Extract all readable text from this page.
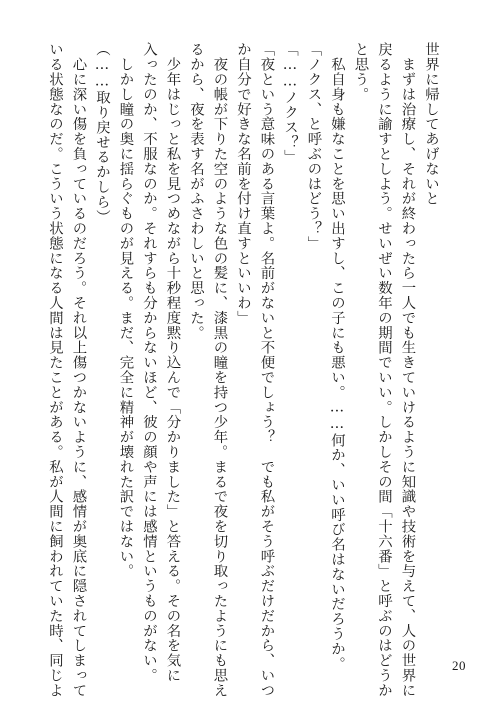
世界に帰してあげないと

　まずは治療し、それが終わったら一人でも生きていけるように知識や技術を与えて、人の世界に

戻るように諭すとしよう。せいぜい数年の期間でいい。しかしその間「十六番」と呼ぶのはどうか

と思う。

　私自身も嫌なことを思い出すし、この子にも悪い。……何か、いい呼び名はないだろうか。

「ノクス、と呼ぶのはどう？」

「……ノクス？」

「夜という意味のある言葉よ。名前がないと不便でしょう？　でも私がそう呼ぶだけだから、いつ

か自分で好きな名前を付け直すといいわ」

　夜の帳が下りた空のような色の髪に、漆黒の瞳を持つ少年。まるで夜を切り取ったようにも思え

るから、夜を表す名がふさわしいと思った。

　少年はじっと私を見つめながら十秒程度黙り込んで「分かりました」と答える。その名を気に

入ったのか、不服なのか。それすらも分からないほど、彼の顔や声には感情というものがない。

　しかし瞳の奥に揺らぐものが見える。まだ、完全に精神が壊れた訳ではない。

（……取り戻せるかしら）

　心に深い傷を負っているのだろう。それ以上傷つかないように、感情が奥底に隠されてしまって

いる状態なのだ。こういう状態になる人間は見たことがある。私が人間に飼われていた時、同じよ	20
